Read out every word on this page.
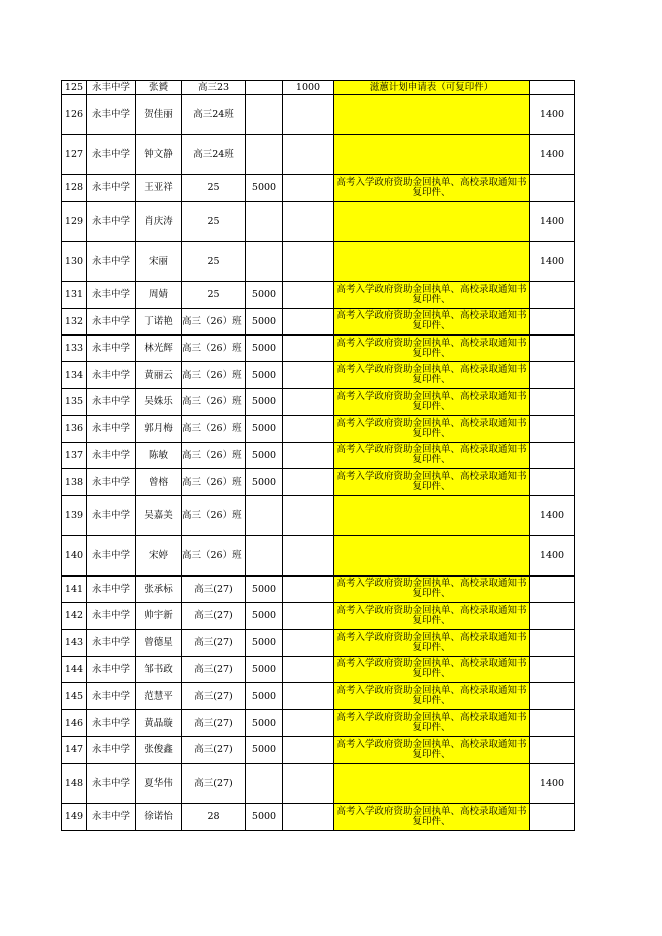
125	永丰中学	张贇	高三23		1000	滋蕙计划申请表（可复印件）	
126	永丰中学	贺佳丽	高三24班				1400
127	永丰中学	钟文静	高三24班				1400
128	永丰中学	王亚祥	25	5000		高考入学政府资助金回执单、高校录取通知书复印件、	
129	永丰中学	肖庆涛	25				1400
130	永丰中学	宋丽	25				1400
131	永丰中学	周婧	25	5000		高考入学政府资助金回执单、高校录取通知书复印件、	
132	永丰中学	丁诺艳	高三（26）班	5000		高考入学政府资助金回执单、高校录取通知书复印件、	
133	永丰中学	林光辉	高三（26）班	5000		高考入学政府资助金回执单、高校录取通知书复印件、	
134	永丰中学	黄丽云	高三（26）班	5000		高考入学政府资助金回执单、高校录取通知书复印件、	
135	永丰中学	吴姝乐	高三（26）班	5000		高考入学政府资助金回执单、高校录取通知书复印件、	
136	永丰中学	郭月梅	高三（26）班	5000		高考入学政府资助金回执单、高校录取通知书复印件、	
137	永丰中学	陈敏	高三（26）班	5000		高考入学政府资助金回执单、高校录取通知书复印件、	
138	永丰中学	曾榕	高三（26）班	5000		高考入学政府资助金回执单、高校录取通知书复印件、	
139	永丰中学	吴嘉美	高三（26）班				1400
140	永丰中学	宋婷	高三（26）班				1400
141	永丰中学	张承标	高三(27)	5000		高考入学政府资助金回执单、高校录取通知书复印件、	
142	永丰中学	帅宇新	高三(27)	5000		高考入学政府资助金回执单、高校录取通知书复印件、	
143	永丰中学	曾德星	高三(27)	5000		高考入学政府资助金回执单、高校录取通知书复印件、	
144	永丰中学	邹书政	高三(27)	5000		高考入学政府资助金回执单、高校录取通知书复印件、	
145	永丰中学	范慧平	高三(27)	5000		高考入学政府资助金回执单、高校录取通知书复印件、	
146	永丰中学	黄晶璇	高三(27)	5000		高考入学政府资助金回执单、高校录取通知书复印件、	
147	永丰中学	张俊鑫	高三(27)	5000		高考入学政府资助金回执单、高校录取通知书复印件、	
148	永丰中学	夏华伟	高三(27)				1400
149	永丰中学	徐诺怡	28	5000		高考入学政府资助金回执单、高校录取通知书复印件、	
